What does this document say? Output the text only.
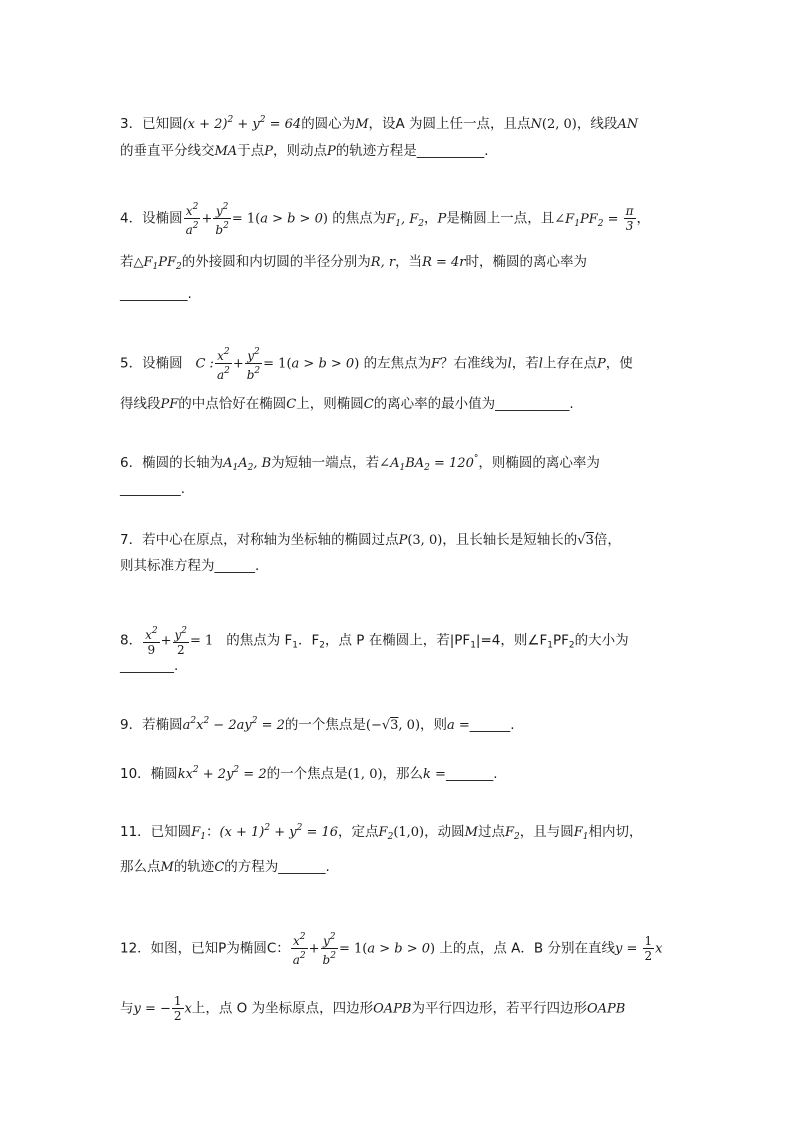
3．已知圆$(x + 2)^2 + y^2 = 64$的圆心为M，设A 为圆上任一点，且点N(2, 0)，线段AN
的垂直平分线交MA于点P，则动点P的轨迹方程是__________.
4．设椭圆 $\frac{x^2}{a^2} + \frac{y^2}{b^2} = 1(a > b > 0)$ 的焦点为$F_1$, $F_2$，P是椭圆上一点，且$\angle F_1PF_2 = \frac{\pi}{3}$ ，
若$\triangle F_1PF_2$的外接圆和内切圆的半径分别为R, r，当R = 4r时，椭圆的离心率为
__________.
5．设椭圆 C : $\frac{x^2}{a^2} + \frac{y^2}{b^2} = 1(a > b > 0)$ 的左焦点为F？右准线为l，若l上存在点P，使
得线段PF的中点恰好在椭圆C上，则椭圆C的离心率的最小值为___________.
6．椭圆的长轴为$A_1A_2$, B为短轴一端点，若$\angle A_1BA_2 = 120^\circ$，则椭圆的离心率为
_________.
7．若中心在原点，对称轴为坐标轴的椭圆过点P(3, 0)，且长轴长是短轴长的√3倍，
则其标准方程为______.
8． $\frac{x^2}{9} + \frac{y^2}{2} = 1$ 的焦点为 $F_1$．$F_2$，点 P 在椭圆上，若$|PF_1|=4$，则$\angle F_1PF_2$的大小为
________.
9．若椭圆$a^2x^2 - 2ay^2 = 2$的一个焦点是(−√3, 0)，则a =______.
10．椭圆$kx^2 + 2y^2 = 2$的一个焦点是(1, 0)，那么k =_______.
11．已知圆$F_1$：$(x + 1)^2 + y^2 = 16$，定点$F_2(1,0)$，动圆M过点$F_2$，且与圆$F_1$相内切，
那么点M的轨迹C的方程为_______.
12．如图，已知P为椭圆C： $\frac{x^2}{a^2} + \frac{y^2}{b^2} = 1(a > b > 0)$ 上的点，点 A．B 分别在直线$y = \frac{1}{2}$ x
与y = − $\frac{1}{2}$ x上，点 O 为坐标原点，四边形OAPB为平行四边形，若平行四边形OAPB
